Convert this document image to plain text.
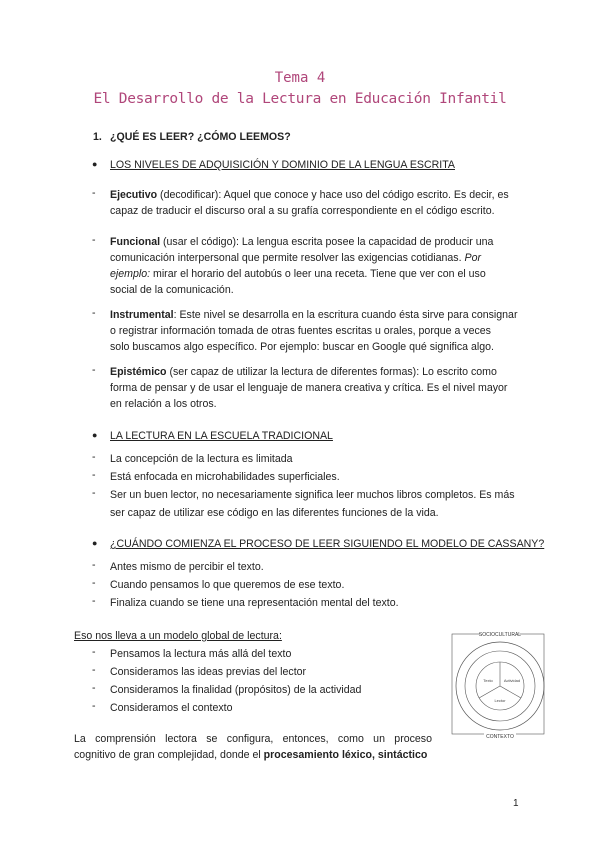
Tema 4
El Desarrollo de la Lectura en Educación Infantil
1. ¿QUÉ ES LEER? ¿CÓMO LEEMOS?
● LOS NIVELES DE ADQUISICIÓN Y DOMINIO DE LA LENGUA ESCRITA
- Ejecutivo (decodificar): Aquel que conoce y hace uso del código escrito. Es decir, es
capaz de traducir el discurso oral a su grafía correspondiente en el código escrito.
- Funcional (usar el código): La lengua escrita posee la capacidad de producir una
comunicación interpersonal que permite resolver las exigencias cotidianas. Por
ejemplo: mirar el horario del autobús o leer una receta. Tiene que ver con el uso
social de la comunicación.
- Instrumental: Este nivel se desarrolla en la escritura cuando ésta sirve para consignar
o registrar información tomada de otras fuentes escritas u orales, porque a veces
solo buscamos algo específico. Por ejemplo: buscar en Google qué significa algo.
- Epistémico (ser capaz de utilizar la lectura de diferentes formas): Lo escrito como
forma de pensar y de usar el lenguaje de manera creativa y crítica. Es el nivel mayor
en relación a los otros.
● LA LECTURA EN LA ESCUELA TRADICIONAL
- La concepción de la lectura es limitada
- Está enfocada en microhabilidades superficiales.
- Ser un buen lector, no necesariamente significa leer muchos libros completos. Es más
ser capaz de utilizar ese código en las diferentes funciones de la vida.
● ¿CUÁNDO COMIENZA EL PROCESO DE LEER SIGUIENDO EL MODELO DE CASSANY?
- Antes mismo de percibir el texto.
- Cuando pensamos lo que queremos de ese texto.
- Finaliza cuando se tiene una representación mental del texto.
Eso nos lleva a un modelo global de lectura:
- Pensamos la lectura más allá del texto
- Consideramos las ideas previas del lector
- Consideramos la finalidad (propósitos) de la actividad
- Consideramos el contexto
La comprensión lectora se configura, entonces, como un proceso
cognitivo de gran complejidad, donde el procesamiento léxico, sintáctico
SOCIOCULTURAL
Texto	Actividad
Lector
CONTEXTO
1
